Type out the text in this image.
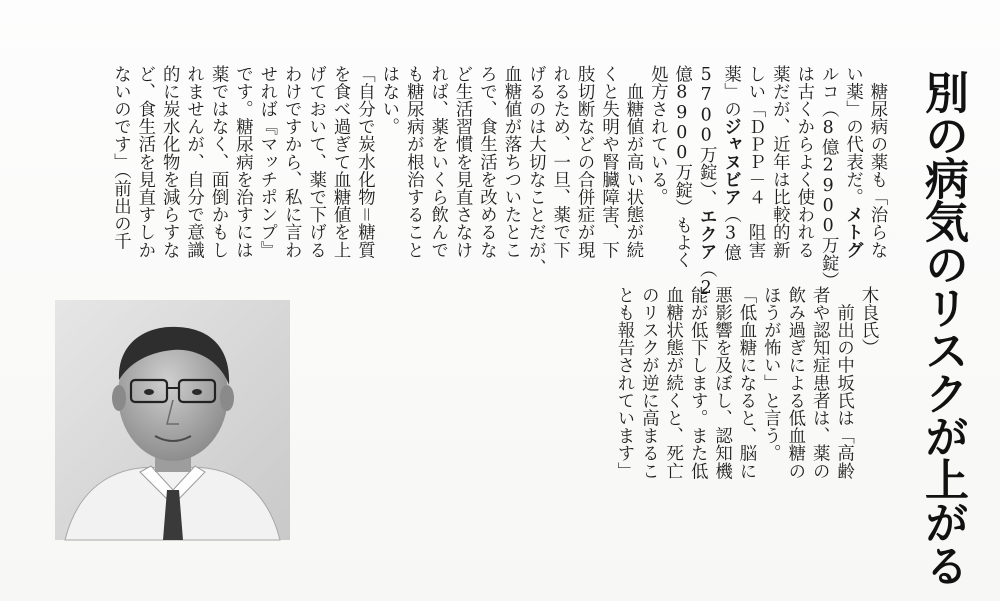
別の病気のリスクが上がる
　糖尿病の薬も「治らな
い薬」の代表だ。メトグ
ルコ（8億2900万錠）
は古くからよく使われる
薬だが、近年は比較的新
しい「ＤＰＰ－４　阻害
薬」のジャヌビア（3億
5700万錠）、エクア（2
億8900万錠）もよく
処方されている。
　血糖値が高い状態が続
くと失明や腎臓障害、下
肢切断などの合併症が現
れるため、一旦、薬で下
げるのは大切なことだが、
血糖値が落ちついたとこ
ろで、食生活を改めるな
ど生活習慣を見直さなけ
れば、薬をいくら飲んで
も糖尿病が根治すること
はない。
「自分で炭水化物＝糖質
を食べ過ぎて血糖値を上
げておいて、薬で下げる
わけですから、私に言わ
せれば『マッチポンプ』
です。糖尿病を治すには
薬ではなく、面倒かもし
れませんが、自分で意識
的に炭水化物を減らすな
ど、食生活を見直すしか
ないのです」（前出の千
木良氏）
　前出の中坂氏は「高齢
者や認知症患者は、薬の
飲み過ぎによる低血糖の
ほうが怖い」と言う。
「低血糖になると、脳に
悪影響を及ぼし、認知機
能が低下します。また低
血糖状態が続くと、死亡
のリスクが逆に高まるこ
とも報告されています」
